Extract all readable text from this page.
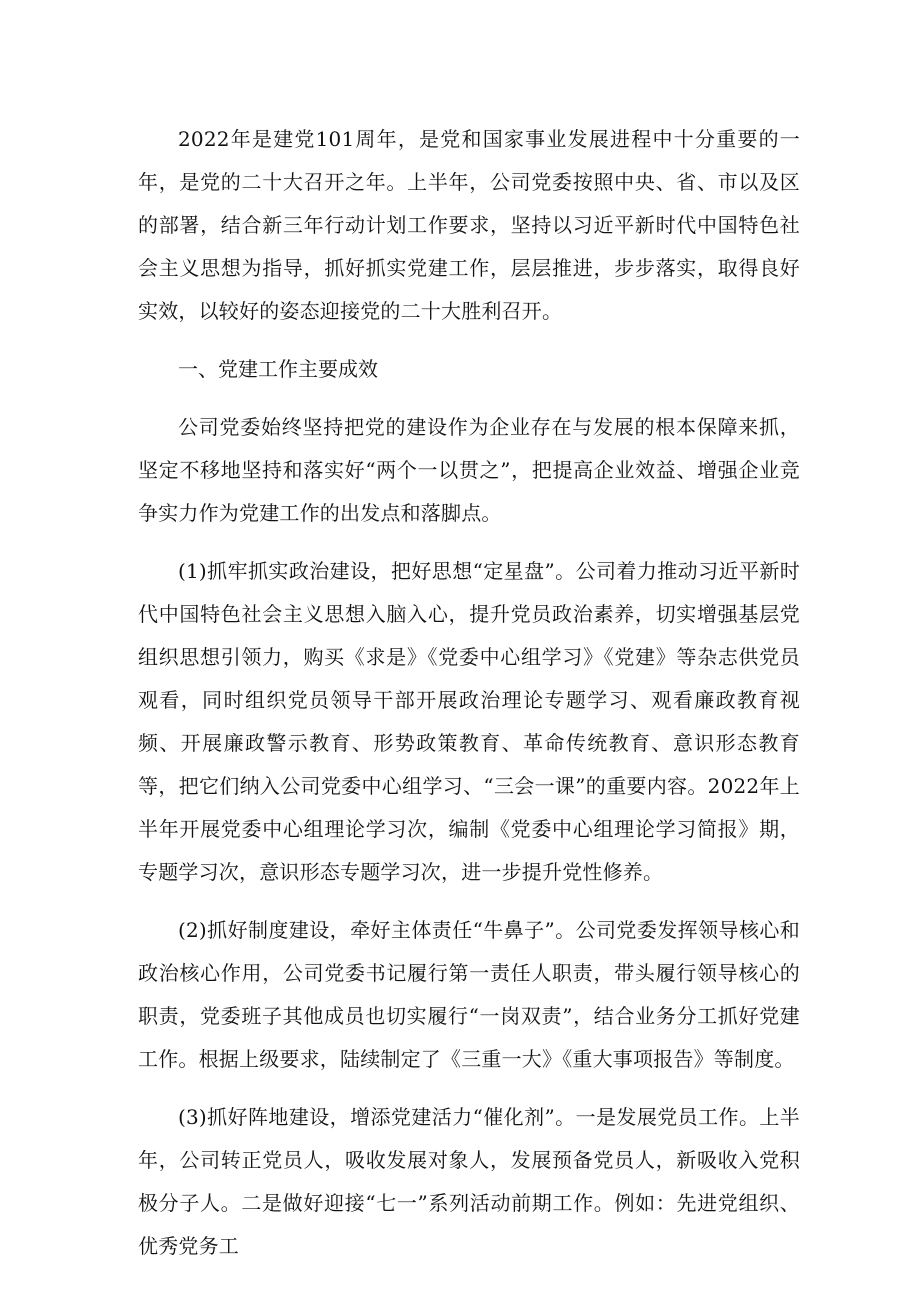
2022年是建党101周年，是党和国家事业发展进程中十分重要的一年，是党的二十大召开之年。上半年，公司党委按照中央、省、市以及区的部署，结合新三年行动计划工作要求，坚持以习近平新时代中国特色社会主义思想为指导，抓好抓实党建工作，层层推进，步步落实，取得良好实效，以较好的姿态迎接党的二十大胜利召开。

一、党建工作主要成效

公司党委始终坚持把党的建设作为企业存在与发展的根本保障来抓，坚定不移地坚持和落实好“两个一以贯之”，把提高企业效益、增强企业竞争实力作为党建工作的出发点和落脚点。

(1)抓牢抓实政治建设，把好思想“定星盘”。公司着力推动习近平新时代中国特色社会主义思想入脑入心，提升党员政治素养，切实增强基层党组织思想引领力，购买《求是》《党委中心组学习》《党建》等杂志供党员观看，同时组织党员领导干部开展政治理论专题学习、观看廉政教育视频、开展廉政警示教育、形势政策教育、革命传统教育、意识形态教育等，把它们纳入公司党委中心组学习、“三会一课”的重要内容。2022年上半年开展党委中心组理论学习次，编制《党委中心组理论学习简报》期，专题学习次，意识形态专题学习次，进一步提升党性修养。

(2)抓好制度建设，牵好主体责任“牛鼻子”。公司党委发挥领导核心和政治核心作用，公司党委书记履行第一责任人职责，带头履行领导核心的职责，党委班子其他成员也切实履行“一岗双责”，结合业务分工抓好党建工作。根据上级要求，陆续制定了《三重一大》《重大事项报告》等制度。

(3)抓好阵地建设，增添党建活力“催化剂”。一是发展党员工作。上半年，公司转正党员人，吸收发展对象人，发展预备党员人，新吸收入党积极分子人。二是做好迎接“七一”系列活动前期工作。例如：先进党组织、优秀党务工
